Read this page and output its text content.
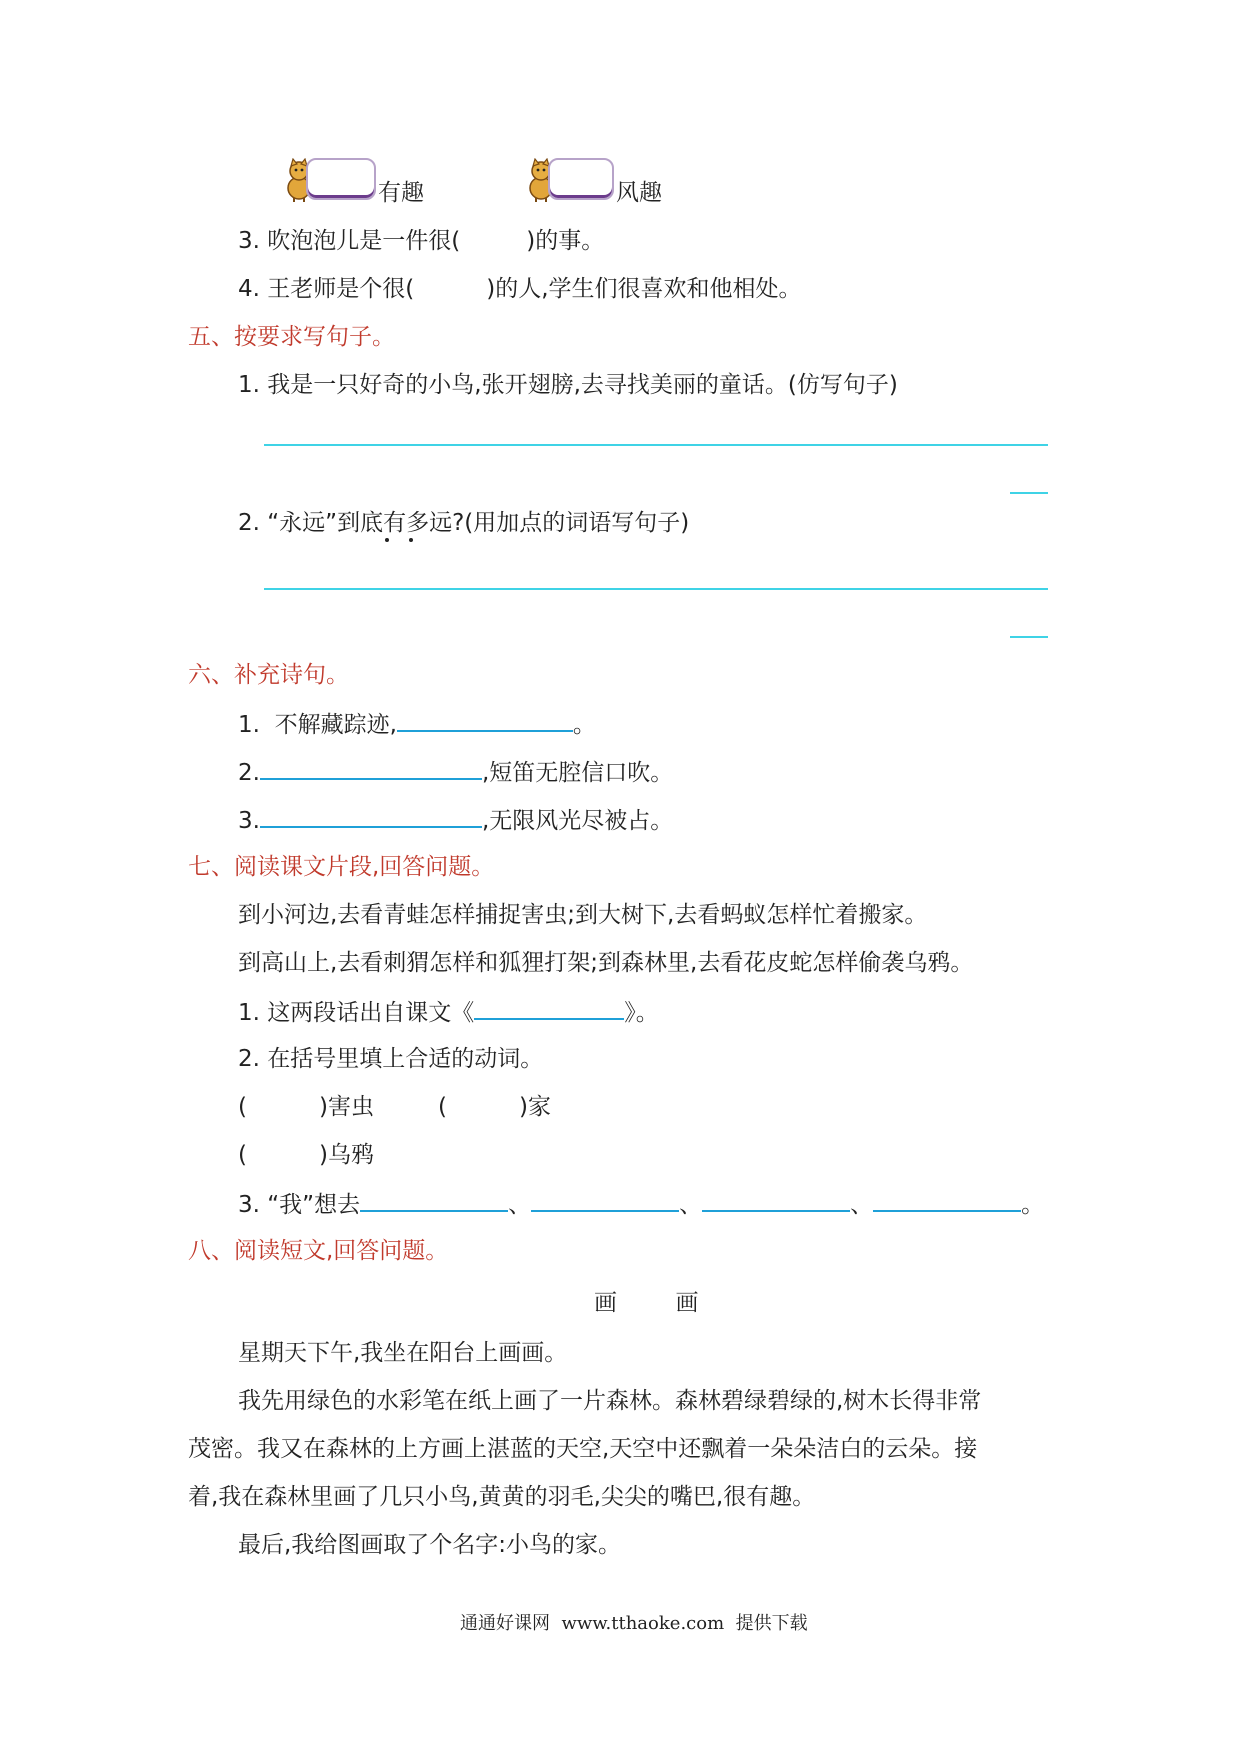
有趣	风趣
3. 吹泡泡儿是一件很(	)的事。
4. 王老师是个很(	)的人,学生们很喜欢和他相处。
五、按要求写句子。
1. 我是一只好奇的小鸟,张开翅膀,去寻找美丽的童话。(仿写句子)
2. “永远”到底有多远?(用加点的词语写句子)
六、补充诗句。
1. 不解藏踪迹,	。
2.	,短笛无腔信口吹。
3.	,无限风光尽被占。
七、阅读课文片段,回答问题。
到小河边,去看青蛙怎样捕捉害虫;到大树下,去看蚂蚁怎样忙着搬家。
到高山上,去看刺猬怎样和狐狸打架;到森林里,去看花皮蛇怎样偷袭乌鸦。
1. 这两段话出自课文《	》。
2. 在括号里填上合适的动词。
(	)害虫	(	)家
(	)乌鸦
3. “我”想去	、	、	、	。
八、阅读短文,回答问题。
画        画
星期天下午,我坐在阳台上画画。
我先用绿色的水彩笔在纸上画了一片森林。森林碧绿碧绿的,树木长得非常
茂密。我又在森林的上方画上湛蓝的天空,天空中还飘着一朵朵洁白的云朵。接
着,我在森林里画了几只小鸟,黄黄的羽毛,尖尖的嘴巴,很有趣。
最后,我给图画取了个名字:小鸟的家。
通通好课网  www.tthaoke.com  提供下载
